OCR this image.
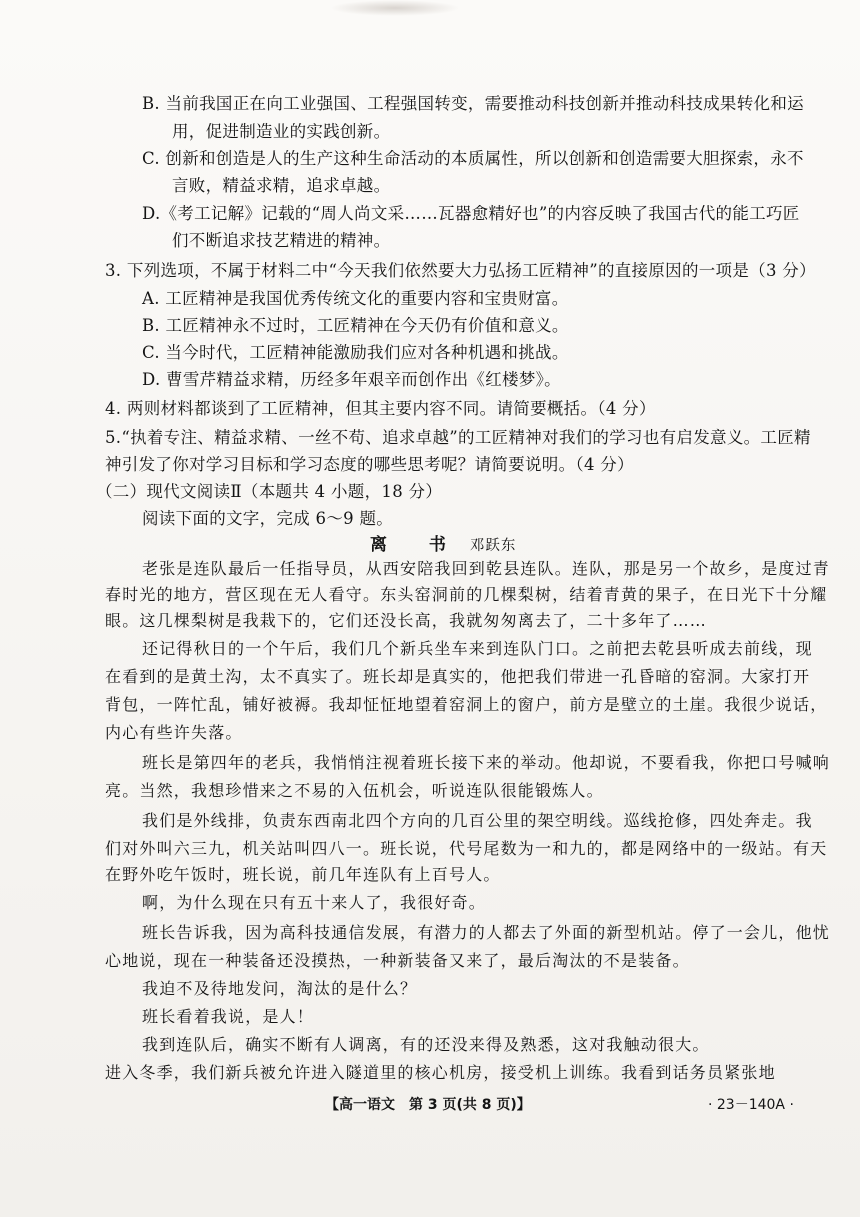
B. 当前我国正在向工业强国、工程强国转变，需要推动科技创新并推动科技成果转化和运
用，促进制造业的实践创新。
C. 创新和创造是人的生产这种生命活动的本质属性，所以创新和创造需要大胆探索，永不
言败，精益求精，追求卓越。
D.《考工记解》记载的“周人尚文采……瓦器愈精好也”的内容反映了我国古代的能工巧匠
们不断追求技艺精进的精神。
3. 下列选项，不属于材料二中“今天我们依然要大力弘扬工匠精神”的直接原因的一项是（3 分）
A. 工匠精神是我国优秀传统文化的重要内容和宝贵财富。
B. 工匠精神永不过时，工匠精神在今天仍有价值和意义。
C. 当今时代，工匠精神能激励我们应对各种机遇和挑战。
D. 曹雪芹精益求精，历经多年艰辛而创作出《红楼梦》。
4. 两则材料都谈到了工匠精神，但其主要内容不同。请简要概括。（4 分）
5.“执着专注、精益求精、一丝不苟、追求卓越”的工匠精神对我们的学习也有启发意义。工匠精
神引发了你对学习目标和学习态度的哪些思考呢？请简要说明。（4 分）
（二）现代文阅读Ⅱ（本题共 4 小题，18 分）
阅读下面的文字，完成 6～9 题。
离 书 邓跃东
老张是连队最后一任指导员，从西安陪我回到乾县连队。连队，那是另一个故乡，是度过青
春时光的地方，营区现在无人看守。东头窑洞前的几棵梨树，结着青黄的果子，在日光下十分耀
眼。这几棵梨树是我栽下的，它们还没长高，我就匆匆离去了，二十多年了……
还记得秋日的一个午后，我们几个新兵坐车来到连队门口。之前把去乾县听成去前线，现
在看到的是黄土沟，太不真实了。班长却是真实的，他把我们带进一孔昏暗的窑洞。大家打开
背包，一阵忙乱，铺好被褥。我却怔怔地望着窑洞上的窗户，前方是壁立的土崖。我很少说话，
内心有些许失落。
班长是第四年的老兵，我悄悄注视着班长接下来的举动。他却说，不要看我，你把口号喊响
亮。当然，我想珍惜来之不易的入伍机会，听说连队很能锻炼人。
我们是外线排，负责东西南北四个方向的几百公里的架空明线。巡线抢修，四处奔走。我
们对外叫六三九，机关站叫四八一。班长说，代号尾数为一和九的，都是网络中的一级站。有天
在野外吃午饭时，班长说，前几年连队有上百号人。
啊，为什么现在只有五十来人了，我很好奇。
班长告诉我，因为高科技通信发展，有潜力的人都去了外面的新型机站。停了一会儿，他忧
心地说，现在一种装备还没摸热，一种新装备又来了，最后淘汰的不是装备。
我迫不及待地发问，淘汰的是什么？
班长看着我说，是人！
我到连队后，确实不断有人调离，有的还没来得及熟悉，这对我触动很大。
【高一语文　第 3 页(共 8 页)】	· 23－140A ·
进入冬季，我们新兵被允许进入隧道里的核心机房，接受机上训练。我看到话务员紧张地
